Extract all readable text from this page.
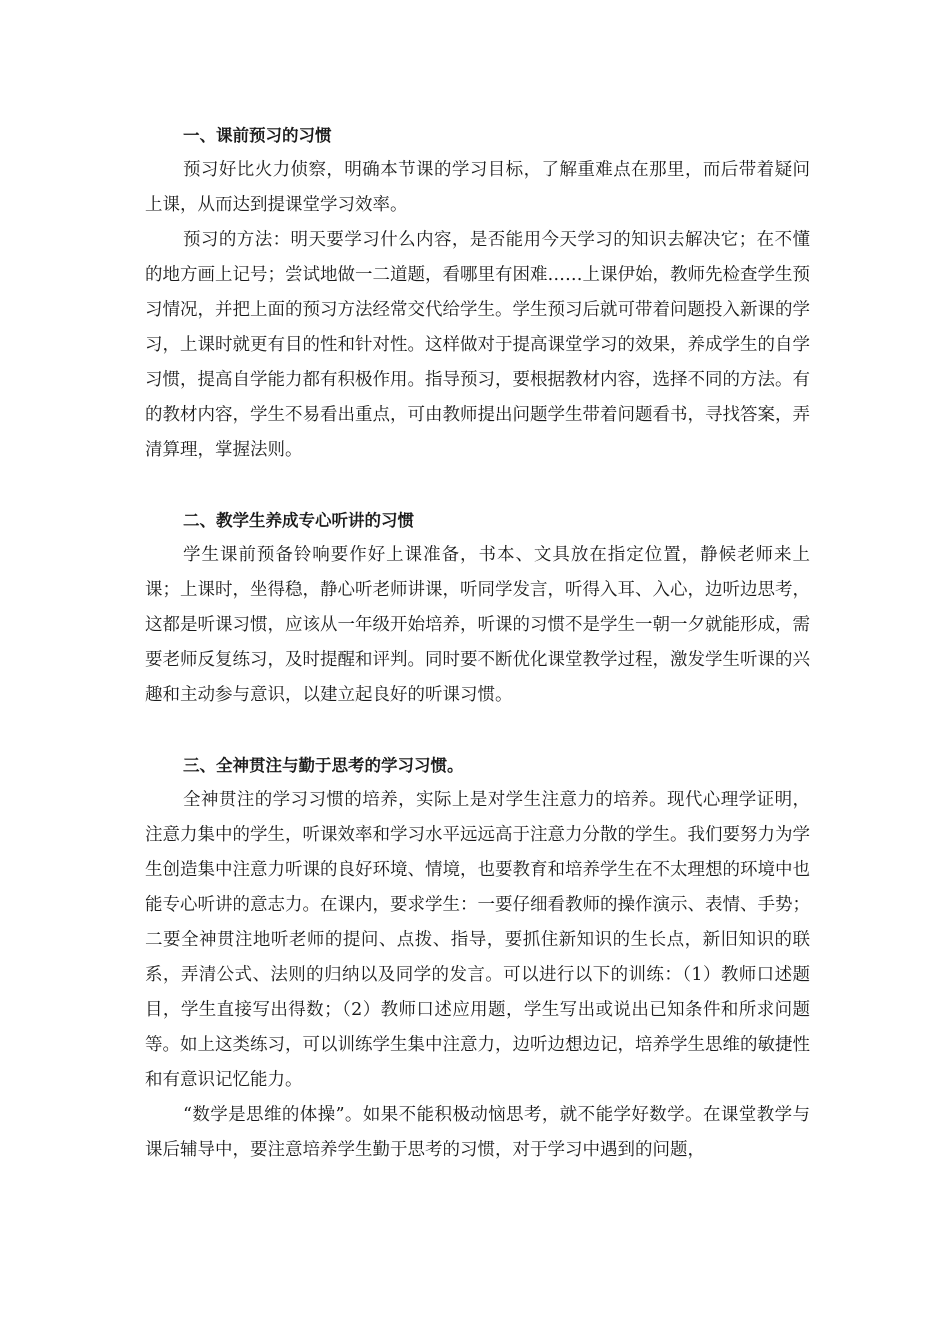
一、课前预习的习惯

预习好比火力侦察，明确本节课的学习目标，了解重难点在那里，而后带着疑问上课，从而达到提课堂学习效率。

预习的方法：明天要学习什么内容，是否能用今天学习的知识去解决它；在不懂的地方画上记号；尝试地做一二道题，看哪里有困难……上课伊始，教师先检查学生预习情况，并把上面的预习方法经常交代给学生。学生预习后就可带着问题投入新课的学习，上课时就更有目的性和针对性。这样做对于提高课堂学习的效果，养成学生的自学习惯，提高自学能力都有积极作用。指导预习，要根据教材内容，选择不同的方法。有的教材内容，学生不易看出重点，可由教师提出问题学生带着问题看书，寻找答案，弄清算理，掌握法则。

二、教学生养成专心听讲的习惯

学生课前预备铃响要作好上课准备，书本、文具放在指定位置，静候老师来上课；上课时，坐得稳，静心听老师讲课，听同学发言，听得入耳、入心，边听边思考，这都是听课习惯，应该从一年级开始培养，听课的习惯不是学生一朝一夕就能形成，需要老师反复练习，及时提醒和评判。同时要不断优化课堂教学过程，激发学生听课的兴趣和主动参与意识，以建立起良好的听课习惯。

三、全神贯注与勤于思考的学习习惯。

全神贯注的学习习惯的培养，实际上是对学生注意力的培养。现代心理学证明，注意力集中的学生，听课效率和学习水平远远高于注意力分散的学生。我们要努力为学生创造集中注意力听课的良好环境、情境，也要教育和培养学生在不太理想的环境中也能专心听讲的意志力。在课内，要求学生：一要仔细看教师的操作演示、表情、手势；二要全神贯注地听老师的提问、点拨、指导，要抓住新知识的生长点，新旧知识的联系，弄清公式、法则的归纳以及同学的发言。可以进行以下的训练：（1）教师口述题目，学生直接写出得数；（2）教师口述应用题，学生写出或说出已知条件和所求问题等。如上这类练习，可以训练学生集中注意力，边听边想边记，培养学生思维的敏捷性和有意识记忆能力。

“数学是思维的体操”。如果不能积极动恼思考，就不能学好数学。在课堂教学与课后辅导中，要注意培养学生勤于思考的习惯，对于学习中遇到的问题，
